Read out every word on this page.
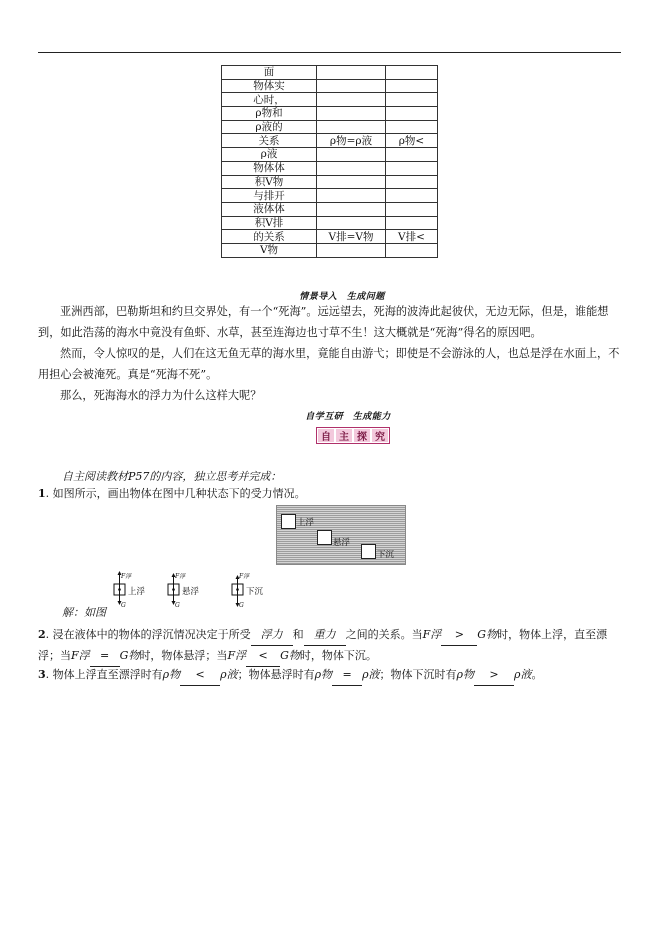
面		
物体实		
心时，		
ρ物和		
ρ液的		
关系	ρ物=ρ液	ρ物<
ρ液		
物体体		
积V物		
与排开		
液体体		
积V排		
的关系	V排=V物	V排<
V物		
情景导入　生成问题
亚洲西部，巴勒斯坦和约旦交界处，有一个“死海”。远远望去，死海的波涛此起彼伏，无边无际，但是，谁能想到，如此浩荡的海水中竟没有鱼虾、水草，甚至连海边也寸草不生！这大概就是“死海”得名的原因吧。
然而，令人惊叹的是，人们在这无鱼无草的海水里，竟能自由游弋；即使是不会游泳的人，也总是浮在水面上，不用担心会被淹死。真是“死海不死”。
那么，死海海水的浮力为什么这样大呢？
自学互研　生成能力
自 主 探 究
自主阅读教材P57的内容，独立思考并完成：
1. 如图所示，画出物体在图中几种状态下的受力情况。
上浮
悬浮
下沉
F浮
G
上浮
F浮
G
悬浮
F浮
G
下沉
解：如图
2. 浸在液体中的物体的浮沉情况决定于所受 浮力 和 重力 之间的关系。当F浮 > G物时，物体上浮，直至漂浮；当F浮 = G物时，物体悬浮；当F浮 < G物时，物体下沉。
3. 物体上浮直至漂浮时有ρ物 < ρ液；物体悬浮时有ρ物 = ρ液；物体下沉时有ρ物 > ρ液。
